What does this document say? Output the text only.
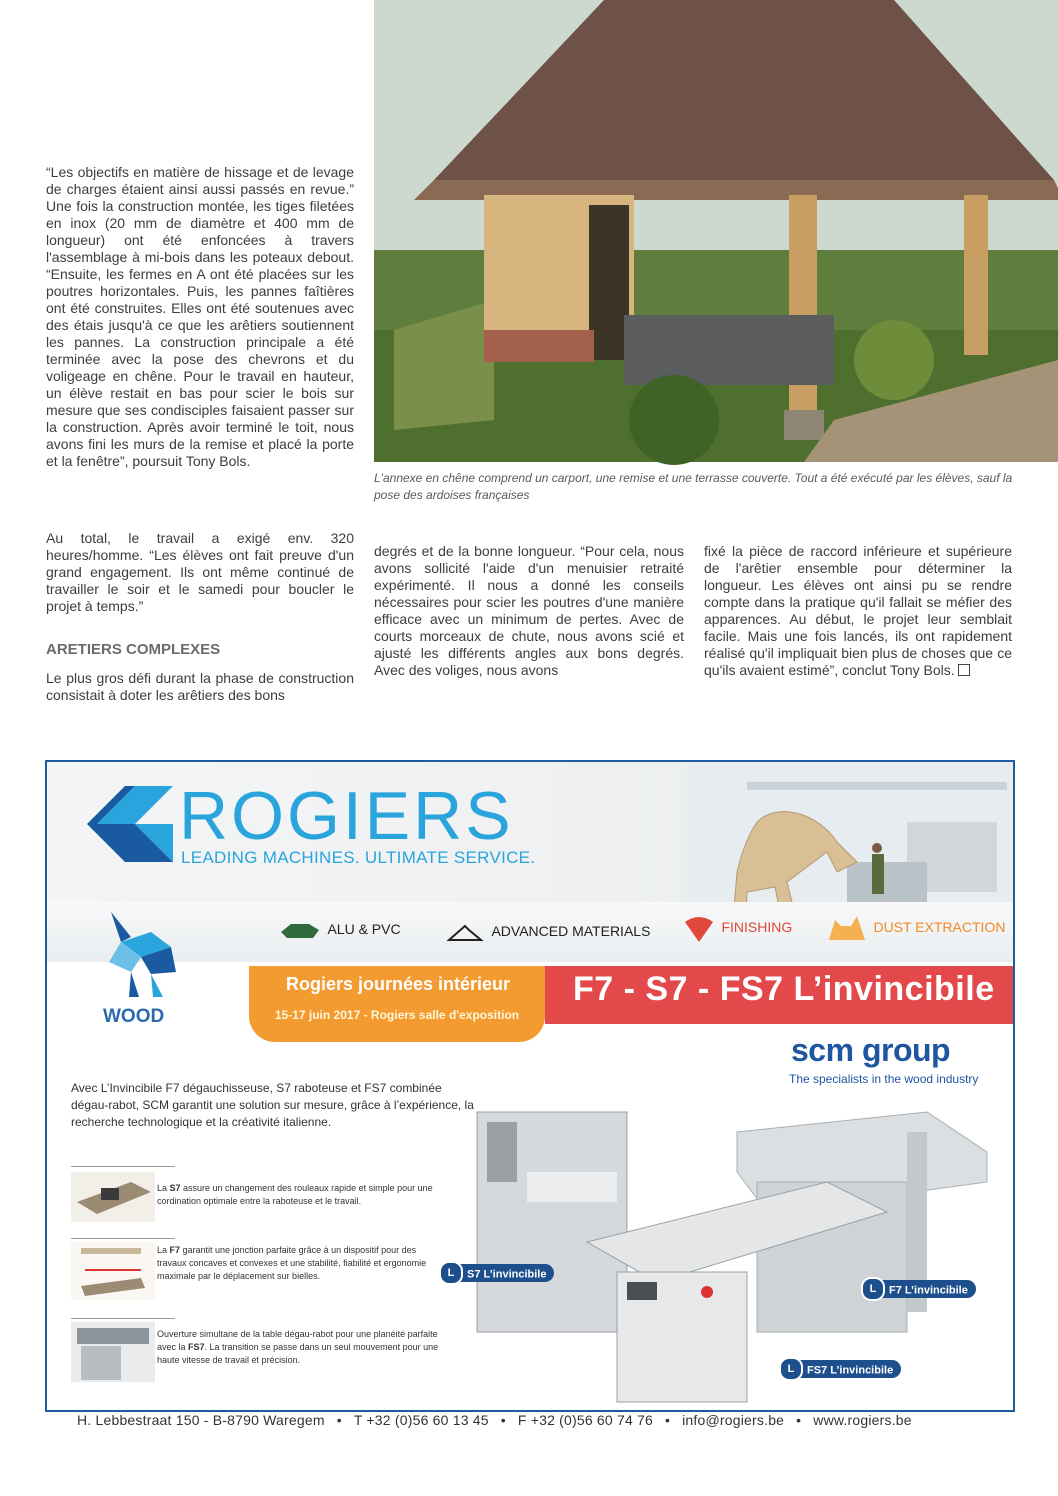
L'annexe en chêne comprend un carport, une remise et une terrasse couverte. Tout a été exécuté par les élèves, sauf la pose des ardoises françaises

“Les objectifs en matière de hissage et de levage de charges étaient ainsi aussi passés en revue.” Une fois la construction montée, les tiges filetées en inox (20 mm de diamètre et 400 mm de longueur) ont été enfoncées à travers l'assemblage à mi-bois dans les poteaux debout. “Ensuite, les fermes en A ont été placées sur les poutres horizontales. Puis, les pannes faîtières ont été construites. Elles ont été soutenues avec des étais jusqu'à ce que les arêtiers soutiennent les pannes. La construction principale a été terminée avec la pose des chevrons et du voligeage en chêne. Pour le travail en hauteur, un élève restait en bas pour scier le bois sur mesure que ses condisciples faisaient passer sur la construction. Après avoir terminé le toit, nous avons fini les murs de la remise et placé la porte et la fenêtre”, poursuit Tony Bols.

Au total, le travail a exigé env. 320 heures/homme. “Les élèves ont fait preuve d'un grand engagement. Ils ont même continué de travailler le soir et le samedi pour boucler le projet à temps.”

ARETIERS COMPLEXES

Le plus gros défi durant la phase de construction consistait à doter les arêtiers des bons

degrés et de la bonne longueur. “Pour cela, nous avons sollicité l'aide d'un menuisier retraité expérimenté. Il nous a donné les conseils nécessaires pour scier les poutres d'une manière efficace avec un minimum de pertes. Avec de courts morceaux de chute, nous avons scié et ajusté les différents angles aux bons degrés. Avec des voliges, nous avons

fixé la pièce de raccord inférieure et supérieure de l'arêtier ensemble pour déterminer la longueur. Les élèves ont ainsi pu se rendre compte dans la pratique qu'il fallait se méfier des apparences. Au début, le projet leur semblait facile. Mais une fois lancés, ils ont rapidement réalisé qu'il impliquait bien plus de choses que ce qu'ils avaient estimé”, conclut Tony Bols.

ROGIERS
LEADING MACHINES. ULTIMATE SERVICE.
ALU & PVC	ADVANCED MATERIALS	FINISHING	DUST EXTRACTION
WOOD
Rogiers journées intérieur
15-17 juin 2017 - Rogiers salle d'exposition
F7 - S7 - FS7 L’invincibile
scm group
The specialists in the wood industry
Avec L’Invincibile F7 dégauchisseuse, S7 raboteuse et FS7 combinée dégau-rabot, SCM garantit une solution sur mesure, grâce à l’expérience, la recherche technologique et la créativité italienne.
La S7 assure un changement des rouleaux rapide et simple pour une cordination optimale entre la raboteuse et le travail.
La F7 garantit une jonction parfaite grâce à un dispositif pour des travaux concaves et convexes et une stabilité, fiabilité et ergonomie maximale par le déplacement sur bielles.
Ouverture simultane de la table dégau-rabot pour une planéité parfaite avec la FS7. La transition se passe dans un seul mouvement pour une haute vitesse de travail et précision.
L S7 L’invincibile
L F7 L’invincibile
L FS7 L’invincibile
H. Lebbestraat 150 - B-8790 Waregem • T +32 (0)56 60 13 45 • F +32 (0)56 60 74 76 • info@rogiers.be • www.rogiers.be
